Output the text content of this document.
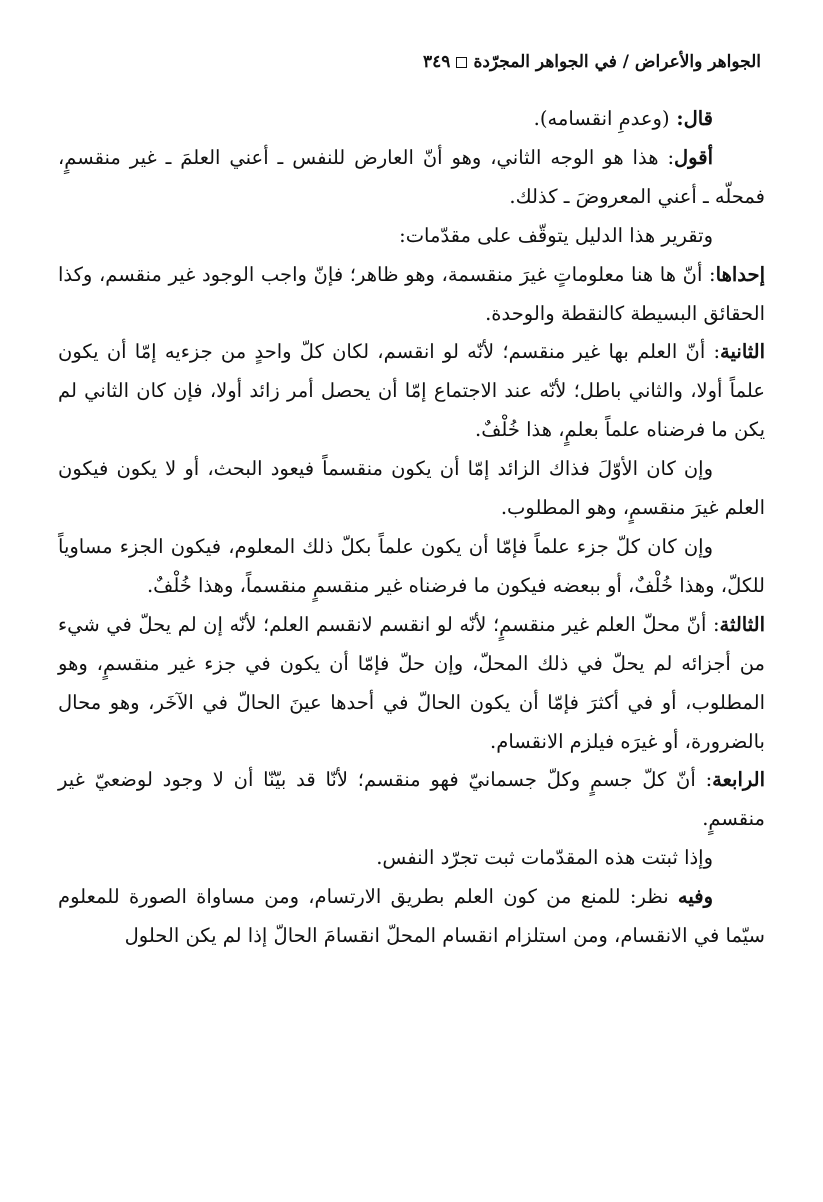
الجواهر والأعراض / في الجواهر المجرّدة٣٤٩

قال: (وعدمِ انقسامه).

أقول: هذا هو الوجه الثاني، وهو أنّ العارض للنفس ـ أعني العلمَ ـ غير منقسمٍ، فمحلّه ـ أعني المعروضَ ـ كذلك.

وتقرير هذا الدليل يتوقّف على مقدّمات:

إحداها: أنّ ها هنا معلوماتٍ غيرَ منقسمة، وهو ظاهر؛ فإنّ واجب الوجود غير منقسم، وكذا الحقائق البسيطة كالنقطة والوحدة.

الثانية: أنّ العلم بها غير منقسم؛ لأنّه لو انقسم، لكان كلّ واحدٍ من جزءيه إمّا أن يكون علماً أولا، والثاني باطل؛ لأنّه عند الاجتماع إمّا أن يحصل أمر زائد أولا، فإن كان الثاني لم يكن ما فرضناه علماً بعلمٍ، هذا خُلْفٌ.

وإن كان الأوّلَ فذاك الزائد إمّا أن يكون منقسماً فيعود البحث، أو لا يكون فيكون العلم غيرَ منقسمٍ، وهو المطلوب.

وإن كان كلّ جزء علماً فإمّا أن يكون علماً بكلّ ذلك المعلوم، فيكون الجزء مساوياً للكلّ، وهذا خُلْفٌ، أو ببعضه فيكون ما فرضناه غير منقسمٍ منقسماً، وهذا خُلْفٌ.

الثالثة: أنّ محلّ العلم غير منقسمٍ؛ لأنّه لو انقسم لانقسم العلم؛ لأنّه إن لم يحلّ في شيء من أجزائه لم يحلّ في ذلك المحلّ، وإن حلّ فإمّا أن يكون في جزء غير منقسمٍ، وهو المطلوب، أو في أكثرَ فإمّا أن يكون الحالّ في أحدها عينَ الحالّ في الآخَر، وهو محال بالضرورة، أو غيرَه فيلزم الانقسام.

الرابعة: أنّ كلّ جسمٍ وكلّ جسمانيّ فهو منقسم؛ لأنّا قد بيّنّا أن لا وجود لوضعيّ غير منقسمٍ.

وإذا ثبتت هذه المقدّمات ثبت تجرّد النفس.

وفيه نظر: للمنع من كون العلم بطريق الارتسام، ومن مساواة الصورة للمعلوم سيّما في الانقسام، ومن استلزام انقسام المحلّ انقسامَ الحالّ إذا لم يكن الحلول
